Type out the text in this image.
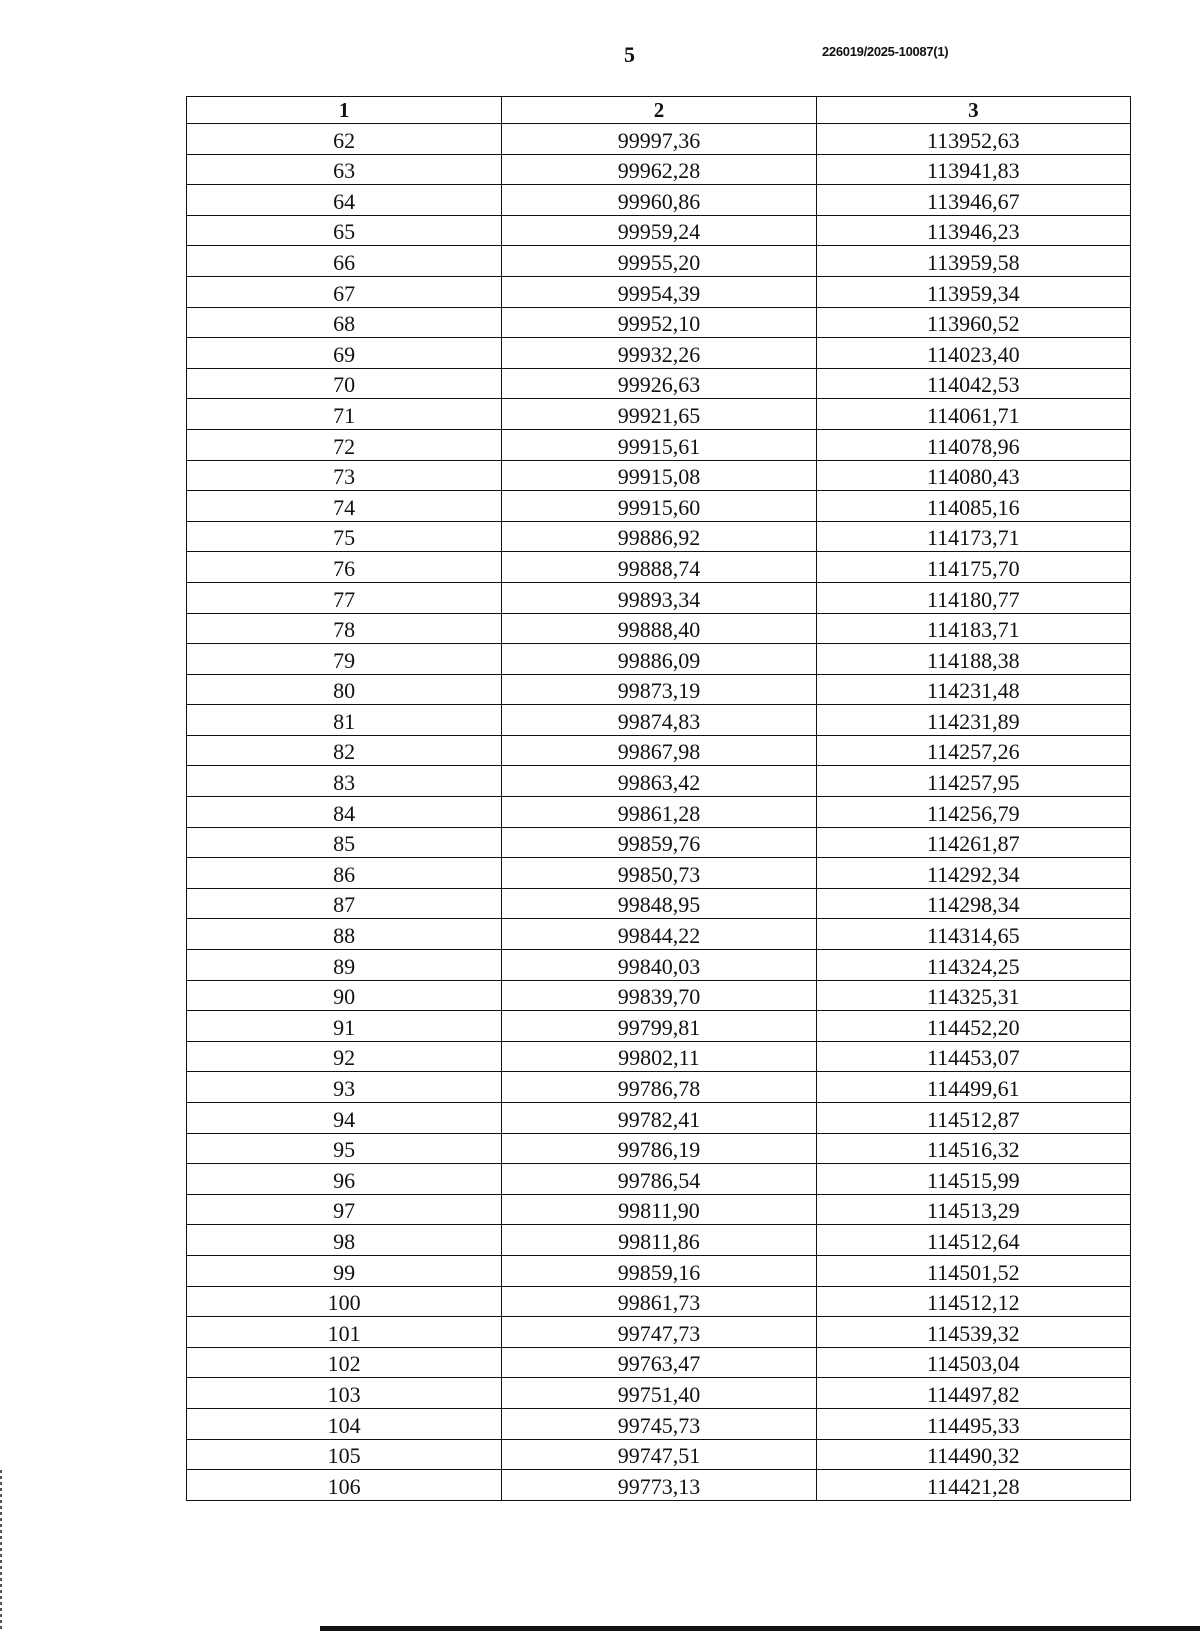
5	226019/2025-10087(1)
1	2	3
62	99997,36	113952,63
63	99962,28	113941,83
64	99960,86	113946,67
65	99959,24	113946,23
66	99955,20	113959,58
67	99954,39	113959,34
68	99952,10	113960,52
69	99932,26	114023,40
70	99926,63	114042,53
71	99921,65	114061,71
72	99915,61	114078,96
73	99915,08	114080,43
74	99915,60	114085,16
75	99886,92	114173,71
76	99888,74	114175,70
77	99893,34	114180,77
78	99888,40	114183,71
79	99886,09	114188,38
80	99873,19	114231,48
81	99874,83	114231,89
82	99867,98	114257,26
83	99863,42	114257,95
84	99861,28	114256,79
85	99859,76	114261,87
86	99850,73	114292,34
87	99848,95	114298,34
88	99844,22	114314,65
89	99840,03	114324,25
90	99839,70	114325,31
91	99799,81	114452,20
92	99802,11	114453,07
93	99786,78	114499,61
94	99782,41	114512,87
95	99786,19	114516,32
96	99786,54	114515,99
97	99811,90	114513,29
98	99811,86	114512,64
99	99859,16	114501,52
100	99861,73	114512,12
101	99747,73	114539,32
102	99763,47	114503,04
103	99751,40	114497,82
104	99745,73	114495,33
105	99747,51	114490,32
106	99773,13	114421,28
